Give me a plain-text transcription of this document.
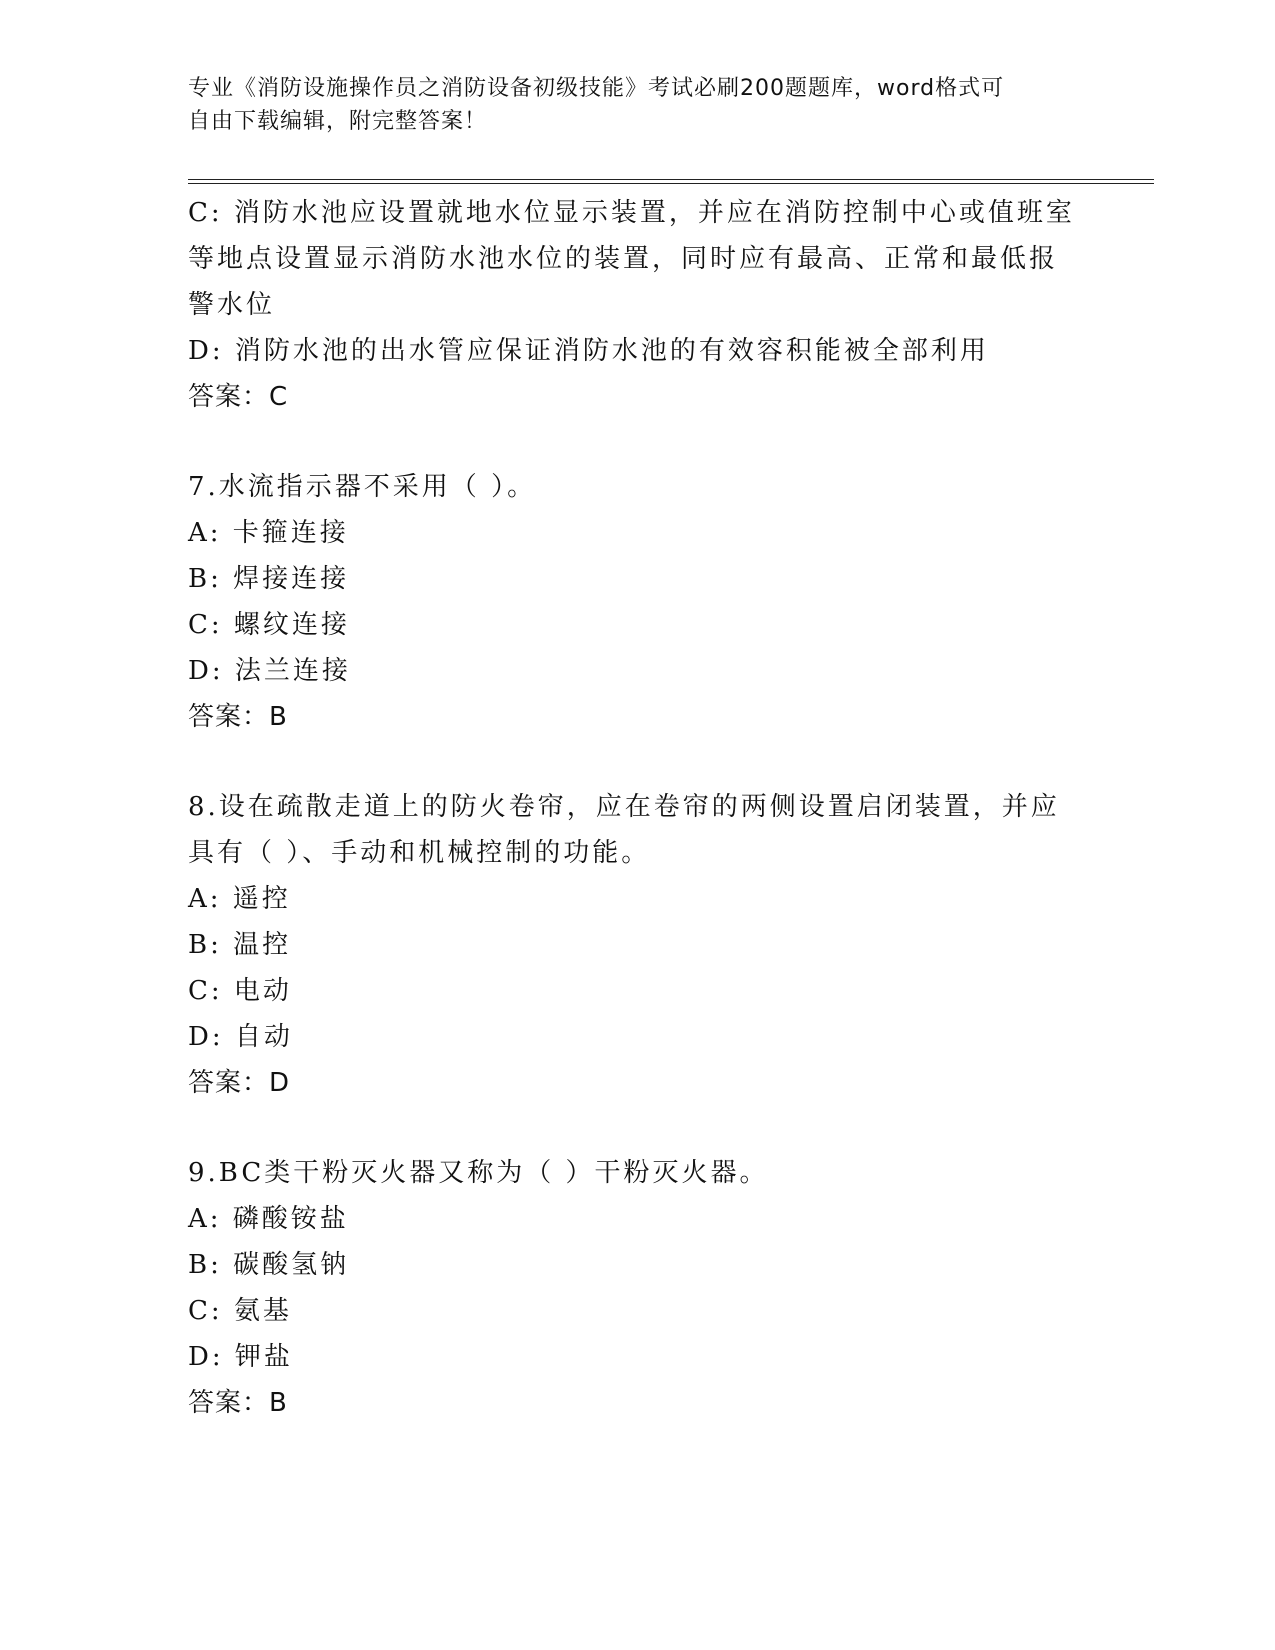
专业《消防设施操作员之消防设备初级技能》考试必刷200题题库，word格式可
自由下载编辑，附完整答案！
C: 消防水池应设置就地水位显示装置，并应在消防控制中心或值班室
等地点设置显示消防水池水位的装置，同时应有最高、正常和最低报
警水位
D: 消防水池的出水管应保证消防水池的有效容积能被全部利用
答案：C
7.水流指示器不采用（ ）。
A: 卡箍连接
B: 焊接连接
C: 螺纹连接
D: 法兰连接
答案：B
8.设在疏散走道上的防火卷帘，应在卷帘的两侧设置启闭装置，并应
具有（ ）、手动和机械控制的功能。
A: 遥控
B: 温控
C: 电动
D: 自动
答案：D
9.BC类干粉灭火器又称为（ ）干粉灭火器。
A: 磷酸铵盐
B: 碳酸氢钠
C: 氨基
D: 钾盐
答案：B
